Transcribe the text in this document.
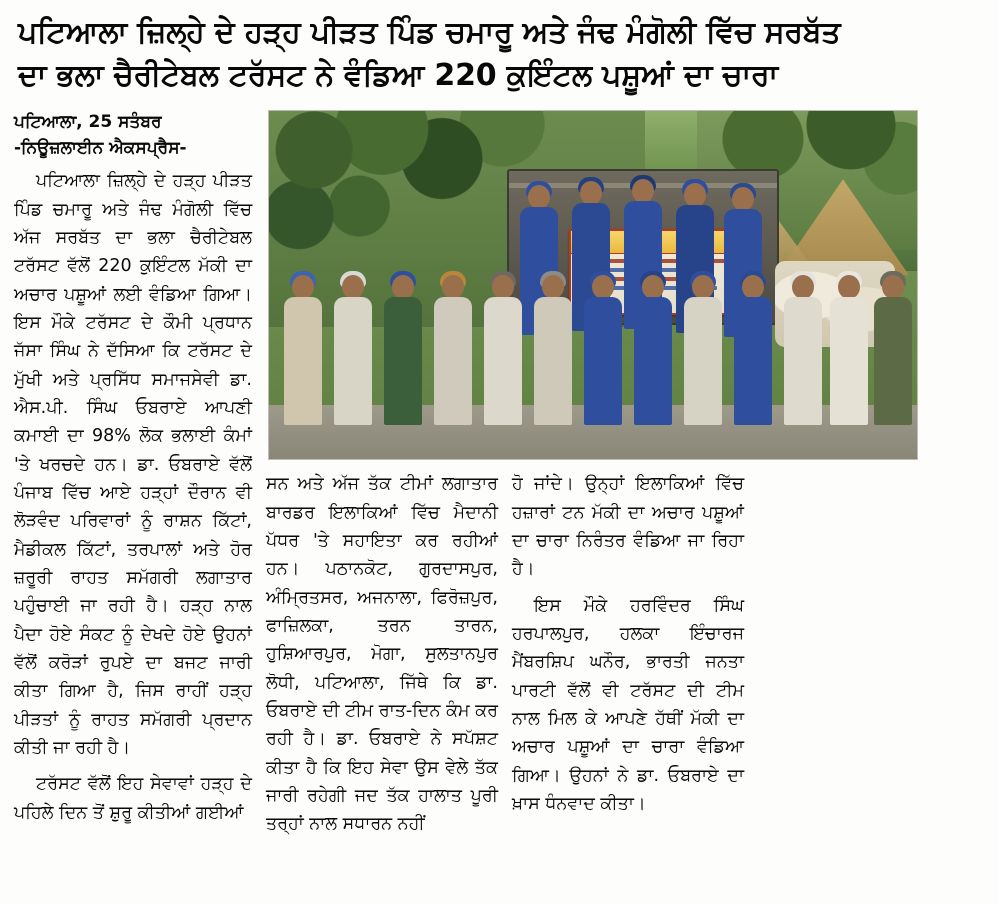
ਪਟਿਆਲਾ ਜ਼ਿਲ੍ਹੇ ਦੇ ਹੜ੍ਹ ਪੀੜਤ ਪਿੰਡ ਚਮਾਰੂ ਅਤੇ ਜੰਢ ਮੰਗੋਲੀ ਵਿੱਚ ਸਰਬੱਤ
ਦਾ ਭਲਾ ਚੈਰੀਟੇਬਲ ਟਰੱਸਟ ਨੇ ਵੰਡਿਆ 220 ਕੁਇੰਟਲ ਪਸ਼ੂਆਂ ਦਾ ਚਾਰਾ
ਪਟਿਆਲਾ, 25 ਸਤੰਬਰ
-ਨਿਊਜ਼ਲਾਈਨ ਐਕਸਪ੍ਰੈਸ-

ਪਟਿਆਲਾ ਜ਼ਿਲ੍ਹੇ ਦੇ ਹੜ੍ਹ ਪੀੜਤ ਪਿੰਡ ਚਮਾਰੂ ਅਤੇ ਜੰਢ ਮੰਗੋਲੀ ਵਿੱਚ ਅੱਜ ਸਰਬੱਤ ਦਾ ਭਲਾ ਚੈਰੀਟੇਬਲ ਟਰੱਸਟ ਵੱਲੋਂ 220 ਕੁਇੰਟਲ ਮੱਕੀ ਦਾ ਅਚਾਰ ਪਸ਼ੂਆਂ ਲਈ ਵੰਡਿਆ ਗਿਆ। ਇਸ ਮੌਕੇ ਟਰੱਸਟ ਦੇ ਕੌਮੀ ਪ੍ਰਧਾਨ ਜੱਸਾ ਸਿੰਘ ਨੇ ਦੱਸਿਆ ਕਿ ਟਰੱਸਟ ਦੇ ਮੁੱਖੀ ਅਤੇ ਪ੍ਰਸਿੱਧ ਸਮਾਜਸੇਵੀ ਡਾ. ਐਸ.ਪੀ. ਸਿੰਘ ਓਬਰਾਏ ਆਪਣੀ ਕਮਾਈ ਦਾ 98% ਲੋਕ ਭਲਾਈ ਕੰਮਾਂ 'ਤੇ ਖਰਚਦੇ ਹਨ। ਡਾ. ਓਬਰਾਏ ਵੱਲੋਂ ਪੰਜਾਬ ਵਿੱਚ ਆਏ ਹੜ੍ਹਾਂ ਦੌਰਾਨ ਵੀ ਲੋੜਵੰਦ ਪਰਿਵਾਰਾਂ ਨੂੰ ਰਾਸ਼ਨ ਕਿੱਟਾਂ, ਮੈਡੀਕਲ ਕਿੱਟਾਂ, ਤਰਪਾਲਾਂ ਅਤੇ ਹੋਰ ਜ਼ਰੂਰੀ ਰਾਹਤ ਸਮੱਗਰੀ ਲਗਾਤਾਰ ਪਹੁੰਚਾਈ ਜਾ ਰਹੀ ਹੈ। ਹੜ੍ਹ ਨਾਲ ਪੈਦਾ ਹੋਏ ਸੰਕਟ ਨੂੰ ਦੇਖਦੇ ਹੋਏ ਉਹਨਾਂ ਵੱਲੋਂ ਕਰੋੜਾਂ ਰੁਪਏ ਦਾ ਬਜਟ ਜਾਰੀ ਕੀਤਾ ਗਿਆ ਹੈ, ਜਿਸ ਰਾਹੀਂ ਹੜ੍ਹ ਪੀੜਤਾਂ ਨੂੰ ਰਾਹਤ ਸਮੱਗਰੀ ਪ੍ਰਦਾਨ ਕੀਤੀ ਜਾ ਰਹੀ ਹੈ।

ਟਰੱਸਟ ਵੱਲੋਂ ਇਹ ਸੇਵਾਵਾਂ ਹੜ੍ਹ ਦੇ ਪਹਿਲੇ ਦਿਨ ਤੋਂ ਸ਼ੁਰੂ ਕੀਤੀਆਂ ਗਈਆਂ

ਸਨ ਅਤੇ ਅੱਜ ਤੱਕ ਟੀਮਾਂ ਲਗਾਤਾਰ ਬਾਰਡਰ ਇਲਾਕਿਆਂ ਵਿੱਚ ਮੈਦਾਨੀ ਪੱਧਰ 'ਤੇ ਸਹਾਇਤਾ ਕਰ ਰਹੀਆਂ ਹਨ। ਪਠਾਨਕੋਟ, ਗੁਰਦਾਸਪੁਰ, ਅੰਮ੍ਰਿਤਸਰ, ਅਜਨਾਲਾ, ਫਿਰੋਜ਼ਪੁਰ, ਫਾਜ਼ਿਲਕਾ, ਤਰਨ ਤਾਰਨ, ਹੁਸ਼ਿਆਰਪੁਰ, ਮੋਗਾ, ਸੁਲਤਾਨਪੁਰ ਲੋਧੀ, ਪਟਿਆਲਾ, ਜਿੱਥੇ ਕਿ ਡਾ. ਓਬਰਾਏ ਦੀ ਟੀਮ ਰਾਤ-ਦਿਨ ਕੰਮ ਕਰ ਰਹੀ ਹੈ। ਡਾ. ਓਬਰਾਏ ਨੇ ਸਪੱਸ਼ਟ ਕੀਤਾ ਹੈ ਕਿ ਇਹ ਸੇਵਾ ਉਸ ਵੇਲੇ ਤੱਕ ਜਾਰੀ ਰਹੇਗੀ ਜਦ ਤੱਕ ਹਾਲਾਤ ਪੂਰੀ ਤਰ੍ਹਾਂ ਨਾਲ ਸਧਾਰਨ ਨਹੀਂ

ਹੋ ਜਾਂਦੇ। ਉਨ੍ਹਾਂ ਇਲਾਕਿਆਂ ਵਿੱਚ ਹਜ਼ਾਰਾਂ ਟਨ ਮੱਕੀ ਦਾ ਅਚਾਰ ਪਸ਼ੂਆਂ ਦਾ ਚਾਰਾ ਨਿਰੰਤਰ ਵੰਡਿਆ ਜਾ ਰਿਹਾ ਹੈ।

ਇਸ ਮੌਕੇ ਹਰਵਿੰਦਰ ਸਿੰਘ ਹਰਪਾਲਪੁਰ, ਹਲਕਾ ਇੰਚਾਰਜ ਮੈਂਬਰਸ਼ਿਪ ਘਨੌਰ, ਭਾਰਤੀ ਜਨਤਾ ਪਾਰਟੀ ਵੱਲੋਂ ਵੀ ਟਰੱਸਟ ਦੀ ਟੀਮ ਨਾਲ ਮਿਲ ਕੇ ਆਪਣੇ ਹੱਥੀਂ ਮੱਕੀ ਦਾ ਅਚਾਰ ਪਸ਼ੂਆਂ ਦਾ ਚਾਰਾ ਵੰਡਿਆ ਗਿਆ। ਉਹਨਾਂ ਨੇ ਡਾ. ਓਬਰਾਏ ਦਾ ਖ਼ਾਸ ਧੰਨਵਾਦ ਕੀਤਾ।
